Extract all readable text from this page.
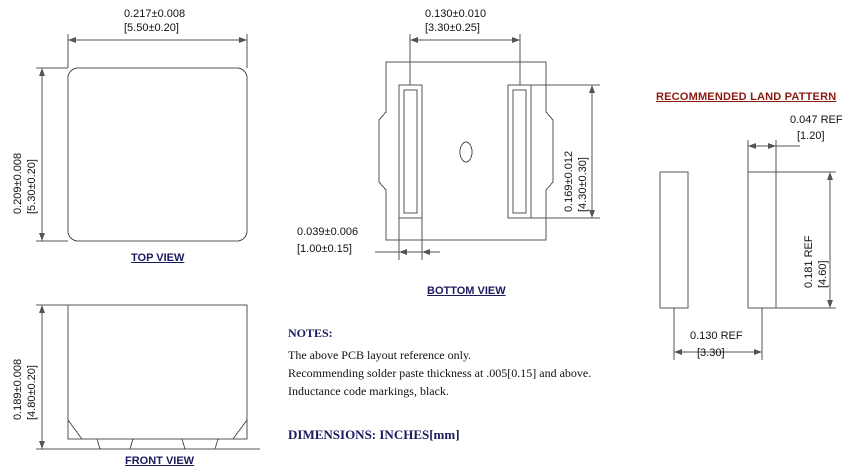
0.217±0.008
[5.50±0.20]
0.209±0.008 [5.30±0.20]
TOP VIEW
0.189±0.008 [4.80±0.20]
FRONT VIEW
0.130±0.010
[3.30±0.25]
0.169±0.012 [4.30±0.30]
0.039±0.006
[1.00±0.15]
BOTTOM VIEW
RECOMMENDED LAND PATTERN
0.047 REF
[1.20]
0.181 REF [4.60]
0.130 REF
[3.30]
NOTES:
The above PCB layout reference only.
Recommending solder paste thickness at .005[0.15] and above.
Inductance code markings, black.
DIMENSIONS: INCHES[mm]
